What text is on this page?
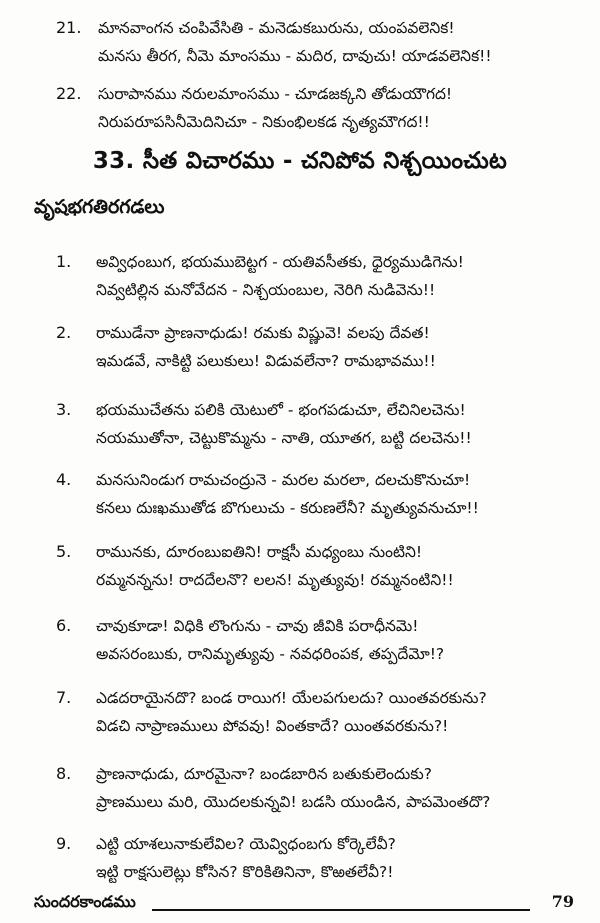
21.	మానవాంగన చంపివేసితి - మనెడుకబురును, యంపవలెనిక!
మనసు తీరగ, నీమె మాంసము - మదిర, దావుచు! యాడవలెనిక!!
22.	సురాపానము నరులమాంసము - చూడజక్కని తోడుయౌగద!
నిరుపరూపసినీమెదినిచూ - నికుంభిలకడ నృత్యమౌగద!!
33. సీత విచారము - చనిపోవ నిశ్చయించుట
వృషభగతిరగడలు
1.	అవ్విధంబుగ, భయముబెట్టగ - యతివసీతకు, ధైర్యముడిగెను!
నివ్వటిల్లిన మనోవేదన - నిశ్చయంబుల, నెరిగి నుడివెను!!
2.	రాముడేనా ప్రాణనాధుడు! రమకు విష్ణువె! వలపు దేవత!
ఇమడవే, నాకిట్టి పలుకులు! విడువలేనా? రామభావము!!
3.	భయముచేతను పలికి యెటులో - భంగపడుచూ, లేచినిలచెను!
నయముతోనా, చెట్టుకొమ్మను - నాతి, యూతగ, బట్టి దలచెను!!
4.	మనసునిండుగ రామచంద్రునె - మరల మరలా, దలచుకొనుచూ!
కనలు దుఃఖముతోడ బొగులుచు - కరుణలేనీ? మృత్యువనుచూ!!
5.	రామునకు, దూరంబుఐతిని! రాక్షసీ మధ్యంబు నుంటిని!
రమ్మనన్నను! రాదదేలనొ? లలన! మృత్యువు! రమ్మనంటిని!!
6.	చావుకూడా! విధికి లొంగును - చావు జీవికి పరాధీనమె!
అవసరంబుకు, రానిమృత్యువు - నవధరింపక, తప్పదేమో!?
7.	ఎడదరాయైనదొ? బండ రాయిగ! యేలపగులదు? యింతవరకును?
విడచి నాప్రాణములు పోవవు! వింతకాదే? యింతవరకును?!
8.	ప్రాణనాధుడు, దూరమైనా? బండబారిన బతుకులెందుకు?
ప్రాణములు మరి, యొదలకున్నవి! బడసి యుండిన, పాపమెంతదొ?
9.	ఎట్టి యాశలునాకులేవిల? యెవ్విధంబగు కోర్కెలేవీ?
ఇట్టి రాక్షసులెట్లు కోసిన? కొరికితినినా, కొఱతలేవీ?!
సుందరకాండము	79
